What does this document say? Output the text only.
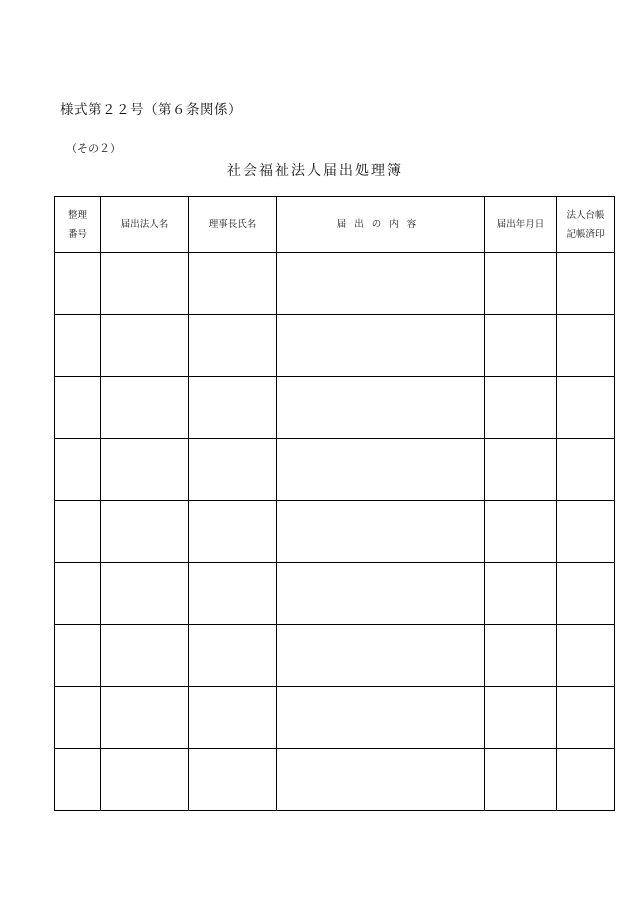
様式第２２号（第６条関係）
（その２）
社会福祉法人届出処理簿
整理
番号	届出法人名	理事長氏名	届出の内容	届出年月日	法人台帳
記帳済印
